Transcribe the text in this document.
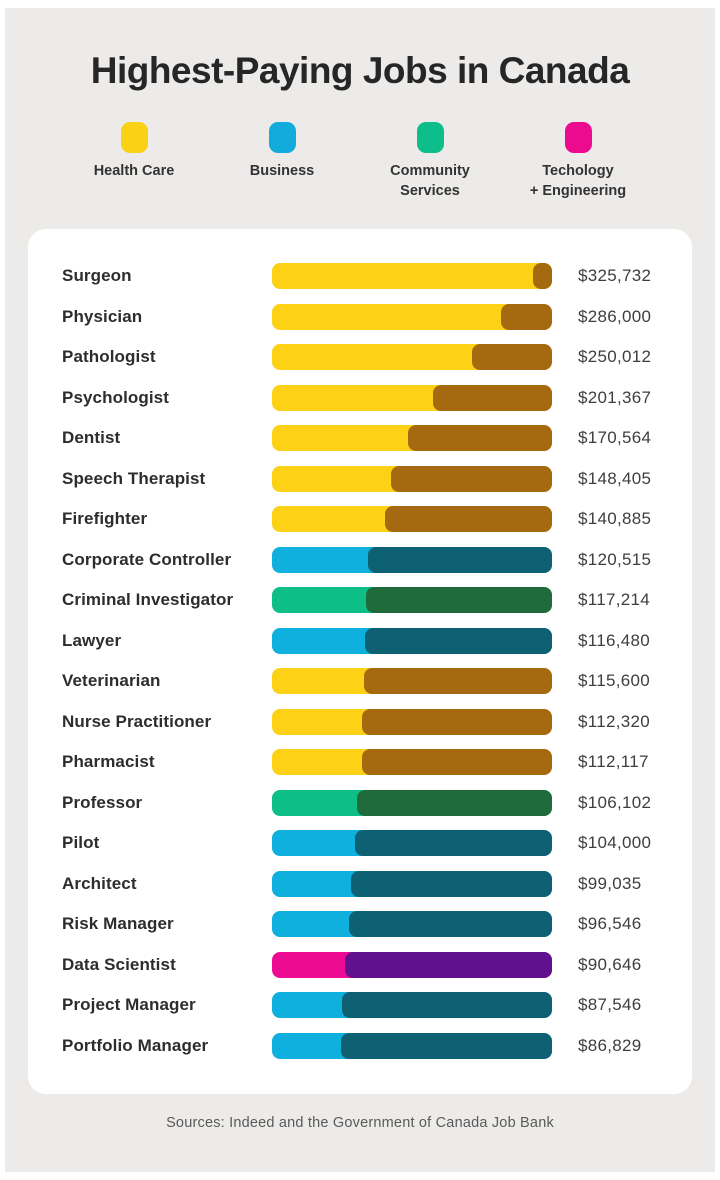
Highest-Paying Jobs in Canada
Health Care	Business	Community
Services
Techology
+ Engineering
Surgeon	$325,732
Physician	$286,000
Pathologist	$250,012
Psychologist	$201,367
Dentist	$170,564
Speech Therapist	$148,405
Firefighter	$140,885
Corporate Controller	$120,515
Criminal Investigator	$117,214
Lawyer	$116,480
Veterinarian	$115,600
Nurse Practitioner	$112,320
Pharmacist	$112,117
Professor	$106,102
Pilot	$104,000
Architect	$99,035
Risk Manager	$96,546
Data Scientist	$90,646
Project Manager	$87,546
Portfolio Manager	$86,829
Sources: Indeed and the Government of Canada Job Bank
